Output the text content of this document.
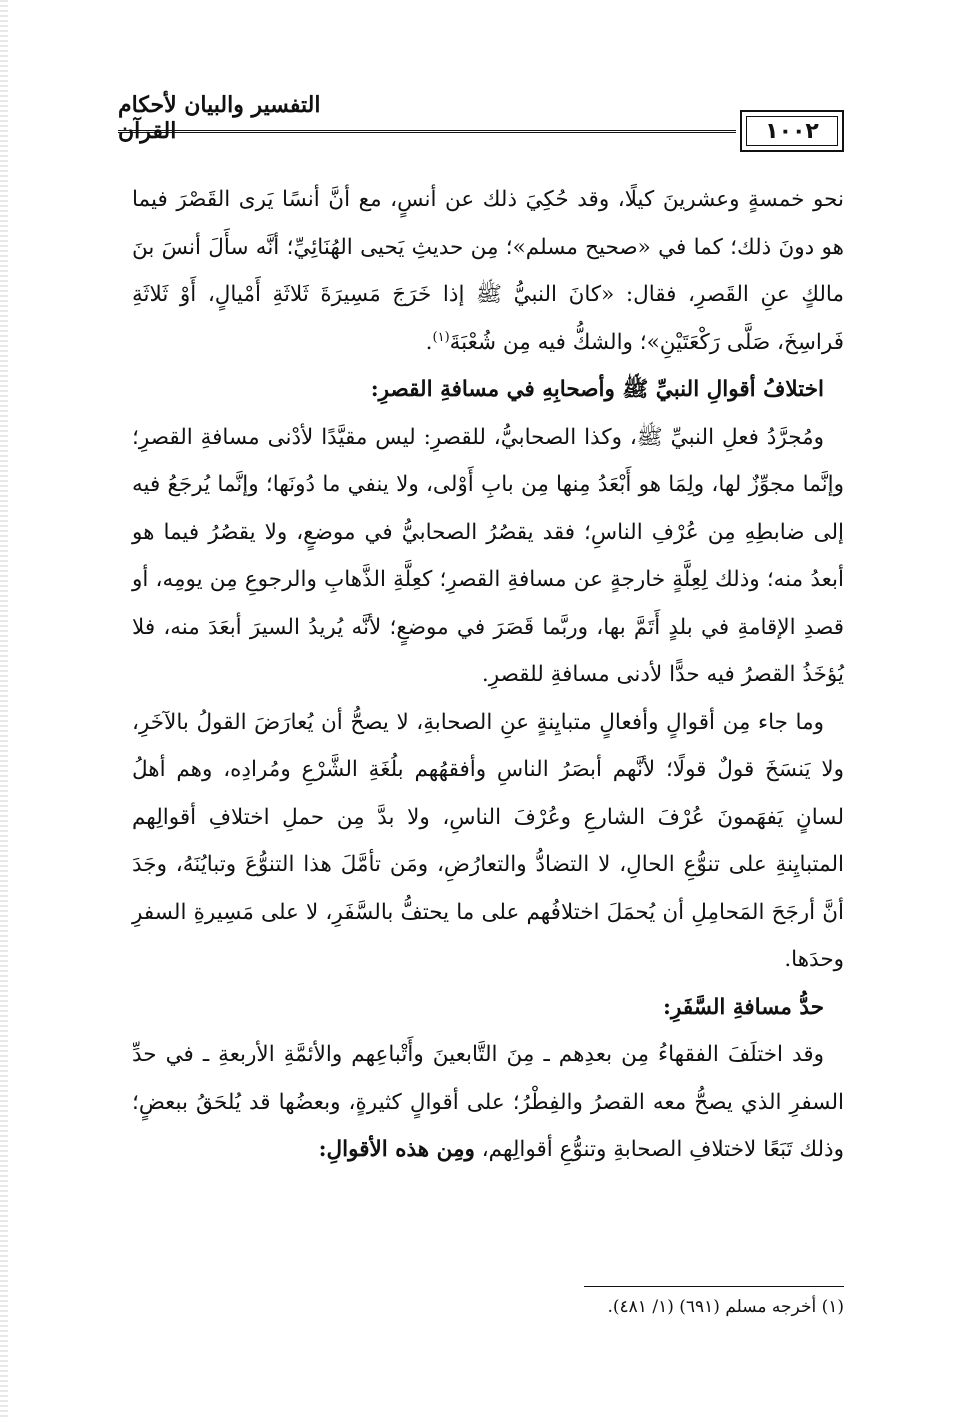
التفسير والبيان لأحكام القرآن	١٠٠٢

نحو خمسةٍ وعشرينَ كيلًا، وقد حُكِيَ ذلك عن أنسٍ، مع أنَّ أنسًا يَرى القَصْرَ فيما هو دونَ ذلك؛ كما في «صحيح مسلم»؛ مِن حديثِ يَحيى الهُنَائِيِّ؛ أنَّه سأَلَ أنسَ بنَ مالكٍ عنِ القَصرِ، فقال: «كانَ النبيُّ ﷺ إذا خَرَجَ مَسِيرَةَ ثَلاثَةِ أَمْيالٍ، أَوْ ثَلاثَةِ فَراسِخَ، صَلَّى رَكْعَتَيْنِ»؛ والشكُّ فيه مِن شُعْبَةَ$^{(١)}$.

اختلافُ أقوالِ النبيِّ ﷺ وأصحابِهِ في مسافةِ القصرِ:

ومُجرَّدُ فعلِ النبيِّ ﷺ، وكذا الصحابيُّ، للقصرِ: ليس مقيَّدًا لأدْنى مسافةِ القصرِ؛ وإنَّما مجوِّزٌ لها، ولِمَا هو أَبْعَدُ مِنها مِن بابِ أَوْلى، ولا ينفي ما دُونَها؛ وإنَّما يُرجَعُ فيه إلى ضابطِهِ مِن عُرْفِ الناسِ؛ فقد يقصُرُ الصحابيُّ في موضعٍ، ولا يقصُرُ فيما هو أبعدُ منه؛ وذلك لِعِلَّةٍ خارجةٍ عن مسافةِ القصرِ؛ كعِلَّةِ الذَّهابِ والرجوعِ مِن يومِه، أو قصدِ الإقامةِ في بلدٍ أَتَمَّ بها، وربَّما قَصَرَ في موضعٍ؛ لأنَّه يُريدُ السيرَ أبعَدَ منه، فلا يُؤخَذُ القصرُ فيه حدًّا لأدنى مسافةِ للقصرِ.

وما جاء مِن أقوالٍ وأفعالٍ متبايِنةٍ عنِ الصحابةِ، لا يصحُّ أن يُعارَضَ القولُ بالآخَرِ، ولا يَنسَخَ قولٌ قولًا؛ لأنَّهم أبصَرُ الناسِ وأفقهُهم بلُغَةِ الشَّرْعِ ومُرادِه، وهم أهلُ لسانٍ يَفهَمونَ عُرْفَ الشارعِ وعُرْفَ الناسِ، ولا بدَّ مِن حملِ اختلافِ أقوالِهم المتبايِنةِ على تنوُّعِ الحالِ، لا التضادُّ والتعارُضِ، ومَن تأمَّلَ هذا التنوُّعَ وتبايُنَهُ، وجَدَ أنَّ أرجَحَ المَحامِلِ أن يُحمَلَ اختلافُهم على ما يحتفُّ بالسَّفَرِ، لا على مَسِيرةِ السفرِ وحدَها.

حدُّ مسافةِ السَّفَرِ:

وقد اختلَفَ الفقهاءُ مِن بعدِهم ـ مِنَ التَّابعينَ وأَتْباعِهم والأئمَّةِ الأربعةِ ـ في حدِّ السفرِ الذي يصحُّ معه القصرُ والفِطْرُ؛ على أقوالٍ كثيرةٍ، وبعضُها قد يُلحَقُ ببعضٍ؛ وذلك تَبَعًا لاختلافِ الصحابةِ وتنوُّعِ أقوالِهم، ومِن هذه الأقوالِ:

(١) أخرجه مسلم (٦٩١) (١/ ٤٨١).
